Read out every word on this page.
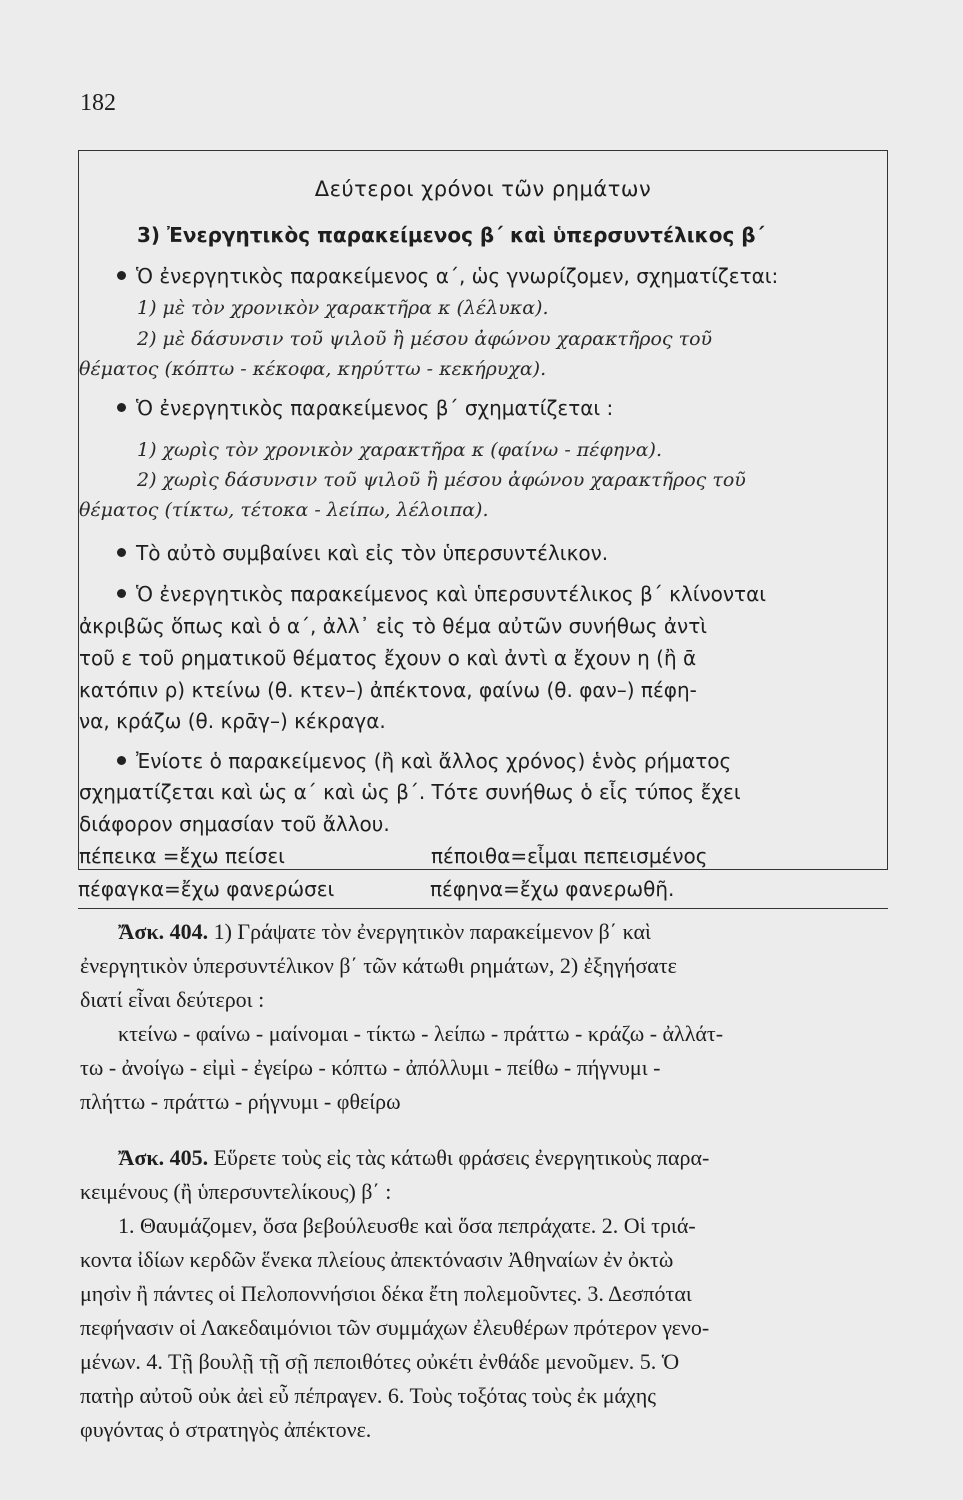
182
Δεύτεροι χρόνοι τῶν ρημάτων
3) Ἐνεργητικὸς παρακείμενος β΄ καὶ ὑπερσυντέλικος β΄
Ὁ ἐνεργητικὸς παρακείμενος α΄, ὡς γνωρίζομεν, σχηματίζεται:
1) μὲ τὸν χρονικὸν χαρακτῆρα κ (λέλυκα).
2) μὲ δάσυνσιν τοῦ ψιλοῦ ἢ μέσου ἀφώνου χαρακτῆρος τοῦ
θέματος (κόπτω - κέκοφα, κηρύττω - κεκήρυχα).
Ὁ ἐνεργητικὸς παρακείμενος β΄ σχηματίζεται :
1) χωρὶς τὸν χρονικὸν χαρακτῆρα κ (φαίνω - πέφηνα).
2) χωρὶς δάσυνσιν τοῦ ψιλοῦ ἢ μέσου ἀφώνου χαρακτῆρος τοῦ
θέματος (τίκτω, τέτοκα - λείπω, λέλοιπα).
Τὸ αὐτὸ συμβαίνει καὶ εἰς τὸν ὑπερσυντέλικον.
Ὁ ἐνεργητικὸς παρακείμενος καὶ ὑπερσυντέλικος β΄ κλίνονται
ἀκριβῶς ὅπως καὶ ὁ α΄, ἀλλ᾿ εἰς τὸ θέμα αὐτῶν συνήθως ἀντὶ
τοῦ ε τοῦ ρηματικοῦ θέματος ἔχουν ο καὶ ἀντὶ α ἔχουν η (ἢ ᾱ
κατόπιν ρ) κτείνω (θ. κτεν–) ἀπέκτονα, φαίνω (θ. φαν–) πέφη-
να, κράζω (θ. κρᾱγ–) κέκραγα.
Ἐνίοτε ὁ παρακείμενος (ἢ καὶ ἄλλος χρόνος) ἑνὸς ρήματος
σχηματίζεται καὶ ὡς α΄ καὶ ὡς β΄. Τότε συνήθως ὁ εἷς τύπος ἔχει
διάφορον σημασίαν τοῦ ἄλλου.
πέπεικα =ἔχω πείσει	πέποιθα=εἶμαι πεπεισμένος
πέφαγκα=ἔχω φανερώσει	πέφηνα=ἔχω φανερωθῆ.
Ἄσκ. 404. 1) Γράψατε τὸν ἐνεργητικὸν παρακείμενον β΄ καὶ
ἐνεργητικὸν ὑπερσυντέλικον β΄ τῶν κάτωθι ρημάτων, 2) ἐξηγήσατε
διατί εἶναι δεύτεροι :
κτείνω - φαίνω - μαίνομαι - τίκτω - λείπω - πράττω - κράζω - ἀλλάτ-
τω - ἀνοίγω - εἰμὶ - ἐγείρω - κόπτω - ἀπόλλυμι - πείθω - πήγνυμι -
πλήττω - πράττω - ρήγνυμι - φθείρω
Ἄσκ. 405. Εὕρετε τοὺς εἰς τὰς κάτωθι φράσεις ἐνεργητικοὺς παρα-
κειμένους (ἢ ὑπερσυντελίκους) β΄ :
1. Θαυμάζομεν, ὅσα βεβούλευσθε καὶ ὅσα πεπράχατε. 2. Οἱ τριά-
κοντα ἰδίων κερδῶν ἕνεκα πλείους ἀπεκτόνασιν Ἀθηναίων ἐν ὀκτὼ
μησὶν ἢ πάντες οἱ Πελοποννήσιοι δέκα ἔτη πολεμοῦντες. 3. Δεσπόται
πεφήνασιν οἱ Λακεδαιμόνιοι τῶν συμμάχων ἐλευθέρων πρότερον γενο-
μένων. 4. Τῇ βουλῇ τῇ σῇ πεποιθότες οὐκέτι ἐνθάδε μενοῦμεν. 5. Ὁ
πατὴρ αὐτοῦ οὐκ ἀεὶ εὖ πέπραγεν. 6. Τοὺς τοξότας τοὺς ἐκ μάχης
φυγόντας ὁ στρατηγὸς ἀπέκτονε.
